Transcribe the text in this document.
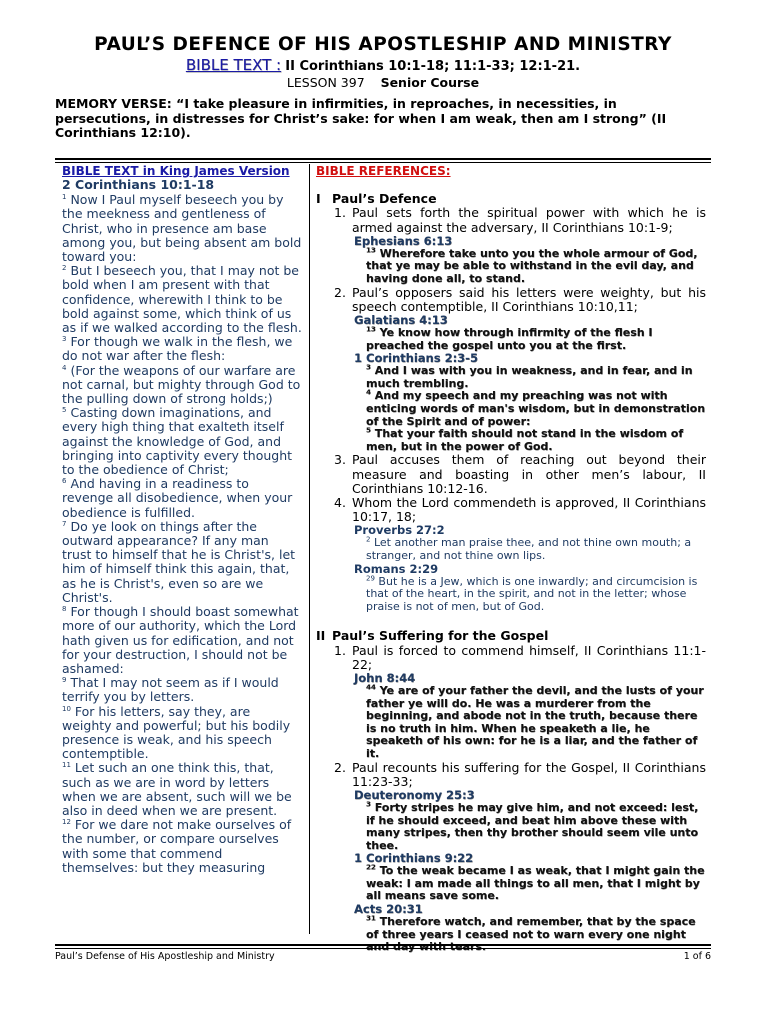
PAUL’S DEFENCE OF HIS APOSTLESHIP AND MINISTRY
BIBLE TEXT : II Corinthians 10:1-18; 11:1-33; 12:1-21.
LESSON 397 Senior Course
MEMORY VERSE: “I take pleasure in infirmities, in reproaches, in necessities, in persecutions, in distresses for Christ’s sake: for when I am weak, then am I strong” (II Corinthians 12:10).
BIBLE TEXT in King James Version
2 Corinthians 10:1-18

$^1$ Now I Paul myself beseech you by the meekness and gentleness of Christ, who in presence am base among you, but being absent am bold toward you:

$^2$ But I beseech you, that I may not be bold when I am present with that confidence, wherewith I think to be bold against some, which think of us as if we walked according to the flesh.

$^3$ For though we walk in the flesh, we do not war after the flesh:

$^4$ (For the weapons of our warfare are not carnal, but mighty through God to the pulling down of strong holds;)

$^5$ Casting down imaginations, and every high thing that exalteth itself against the knowledge of God, and bringing into captivity every thought to the obedience of Christ;

$^6$ And having in a readiness to revenge all disobedience, when your obedience is fulfilled.

$^7$ Do ye look on things after the outward appearance? If any man trust to himself that he is Christ's, let him of himself think this again, that, as he is Christ's, even so are we Christ's.

$^8$ For though I should boast somewhat more of our authority, which the Lord hath given us for edification, and not for your destruction, I should not be ashamed:

$^9$ That I may not seem as if I would terrify you by letters.

$^{10}$ For his letters, say they, are weighty and powerful; but his bodily presence is weak, and his speech contemptible.

$^{11}$ Let such an one think this, that, such as we are in word by letters when we are absent, such will we be also in deed when we are present.

$^{12}$ For we dare not make ourselves of the number, or compare ourselves with some that commend themselves: but they measuring

BIBLE REFERENCES:
I Paul’s Defence
1. Paul sets forth the spiritual power with which he is armed against the adversary, II Corinthians 10:1-9;
Ephesians 6:13
$^{13}$ Wherefore take unto you the whole armour of God, that ye may be able to withstand in the evil day, and having done all, to stand.
2. Paul’s opposers said his letters were weighty, but his speech contemptible, II Corinthians 10:10,11;
Galatians 4:13
$^{13}$ Ye know how through infirmity of the flesh I preached the gospel unto you at the first.
1 Corinthians 2:3-5
$^3$ And I was with you in weakness, and in fear, and in much trembling.
$^4$ And my speech and my preaching was not with enticing words of man's wisdom, but in demonstration of the Spirit and of power:
$^5$ That your faith should not stand in the wisdom of men, but in the power of God.
3. Paul accuses them of reaching out beyond their measure and boasting in other men’s labour, II Corinthians 10:12-16.
4. Whom the Lord commendeth is approved, II Corinthians 10:17, 18;
Proverbs 27:2
$^2$ Let another man praise thee, and not thine own mouth; a stranger, and not thine own lips.
Romans 2:29
$^{29}$ But he is a Jew, which is one inwardly; and circumcision is that of the heart, in the spirit, and not in the letter; whose praise is not of men, but of God.
II Paul’s Suffering for the Gospel
1. Paul is forced to commend himself, II Corinthians 11:1-22;
John 8:44
$^{44}$ Ye are of your father the devil, and the lusts of your father ye will do. He was a murderer from the beginning, and abode not in the truth, because there is no truth in him. When he speaketh a lie, he speaketh of his own: for he is a liar, and the father of it.
2. Paul recounts his suffering for the Gospel, II Corinthians 11:23-33;
Deuteronomy 25:3
$^3$ Forty stripes he may give him, and not exceed: lest, if he should exceed, and beat him above these with many stripes, then thy brother should seem vile unto thee.
1 Corinthians 9:22
$^{22}$ To the weak became I as weak, that I might gain the weak: I am made all things to all men, that I might by all means save some.
Acts 20:31
$^{31}$ Therefore watch, and remember, that by the space of three years I ceased not to warn every one night and day with tears.
Paul’s Defense of His Apostleship and Ministry	1 of 6
